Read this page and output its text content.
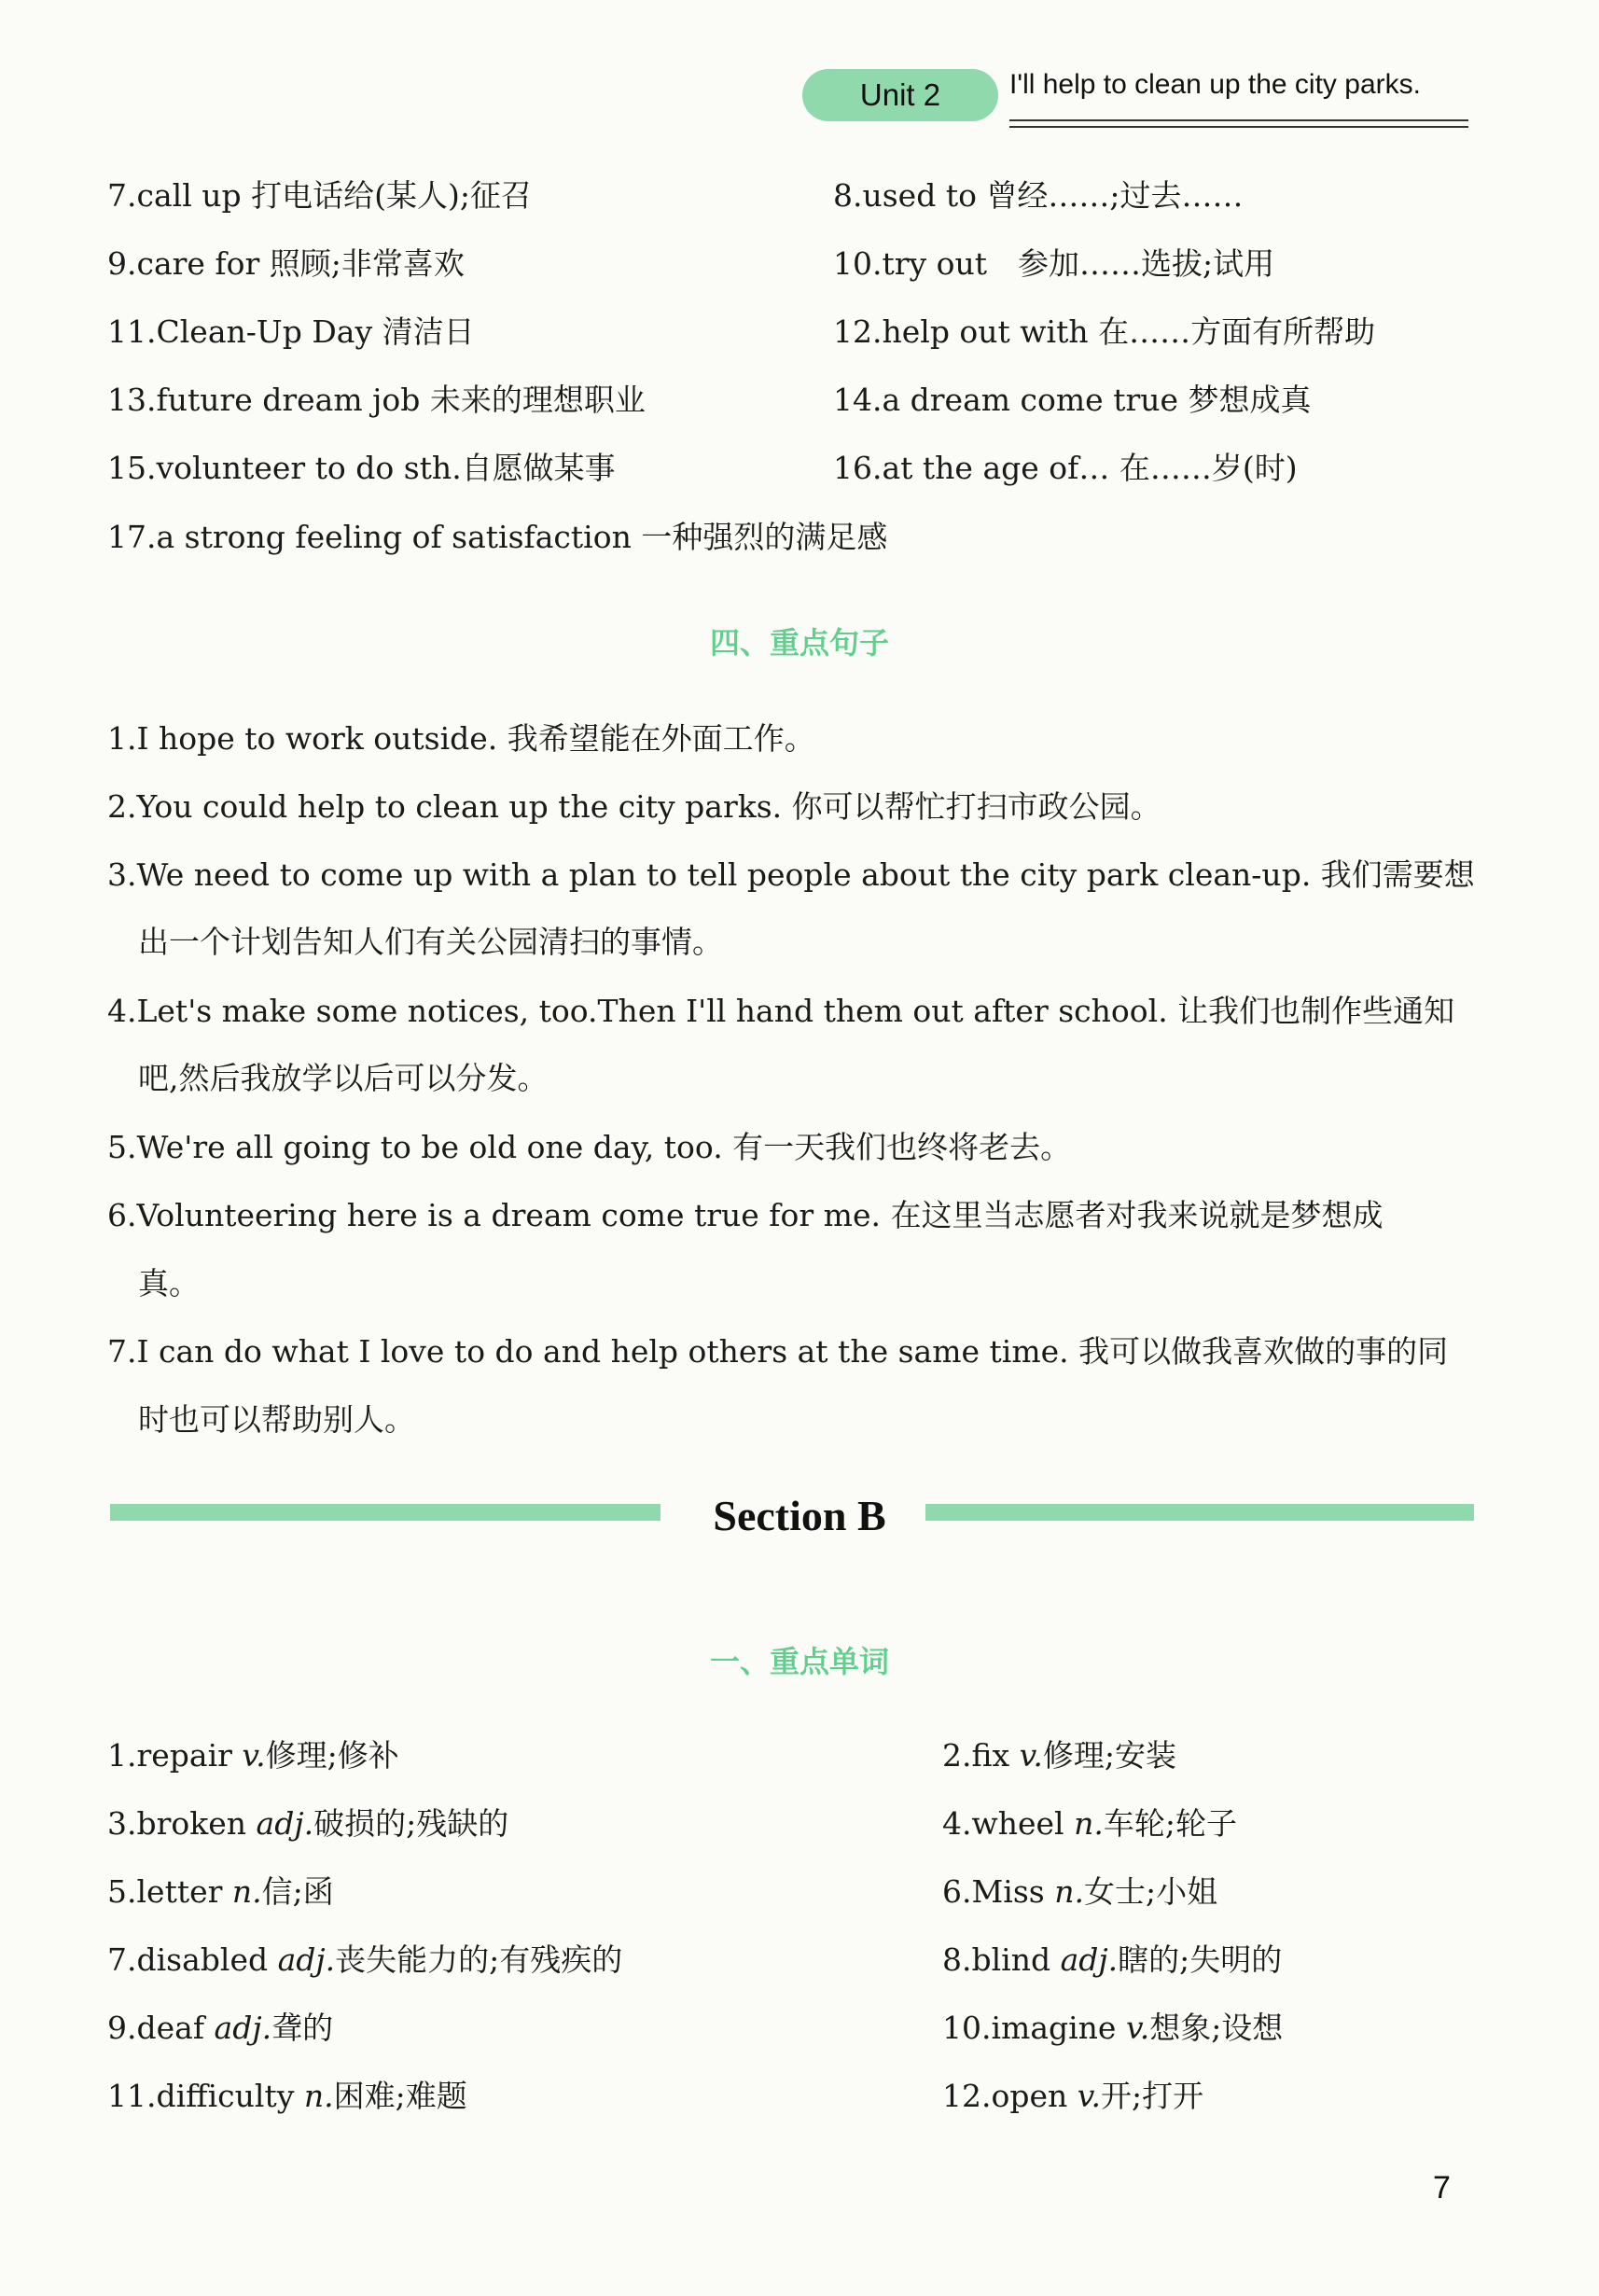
Unit 2	I'll help to clean up the city parks.
7.call up 打电话给(某人);征召	8.used to 曾经……;过去……
9.care for 照顾;非常喜欢	10.try out　参加……选拔;试用
11.Clean-Up Day 清洁日	12.help out with 在……方面有所帮助
13.future dream job 未来的理想职业	14.a dream come true 梦想成真
15.volunteer to do sth.自愿做某事	16.at the age of… 在……岁(时)
17.a strong feeling of satisfaction 一种强烈的满足感
四、重点句子
1.I hope to work outside. 我希望能在外面工作。
2.You could help to clean up the city parks. 你可以帮忙打扫市政公园。
3.We need to come up with a plan to tell people about the city park clean-up. 我们需要想
出一个计划告知人们有关公园清扫的事情。
4.Let's make some notices, too.Then I'll hand them out after school. 让我们也制作些通知
吧,然后我放学以后可以分发。
5.We're all going to be old one day, too. 有一天我们也终将老去。
6.Volunteering here is a dream come true for me. 在这里当志愿者对我来说就是梦想成
真。
7.I can do what I love to do and help others at the same time. 我可以做我喜欢做的事的同
时也可以帮助别人。
Section B
一、重点单词
1.repair v.修理;修补	2.fix v.修理;安装
3.broken adj.破损的;残缺的	4.wheel n.车轮;轮子
5.letter n.信;函	6.Miss n.女士;小姐
7.disabled adj.丧失能力的;有残疾的	8.blind adj.瞎的;失明的
9.deaf adj.聋的	10.imagine v.想象;设想
11.difficulty n.困难;难题	12.open v.开;打开
7
